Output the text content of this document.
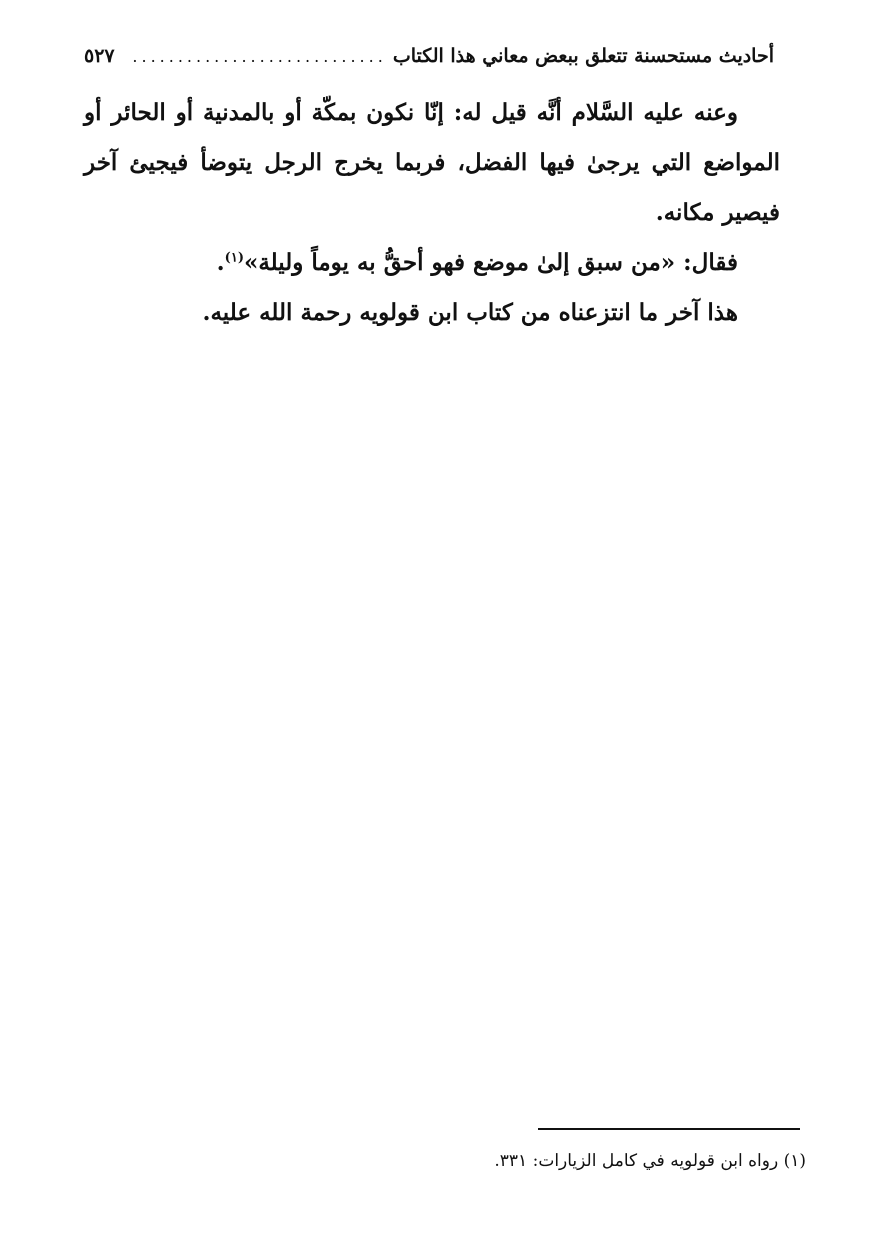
أحاديث مستحسنة تتعلق ببعض معاني هذا الكتاب
............................
٥٢٧

وعنه عليه السَّلام أنَّه قيل له: إنّا نكون بمكّة أو بالمدنية أو الحائر أو المواضع التي يرجىٰ فيها الفضل، فربما يخرج الرجل يتوضأ فيجيئ آخر فيصير مكانه.

فقال: «من سبق إلىٰ موضع فهو أحقُّ به يوماً وليلة»$^{(١)}$.

هذا آخر ما انتزعناه من كتاب ابن قولويه رحمة الله عليه.

(١) رواه ابن قولويه في كامل الزيارات: ٣٣١.
